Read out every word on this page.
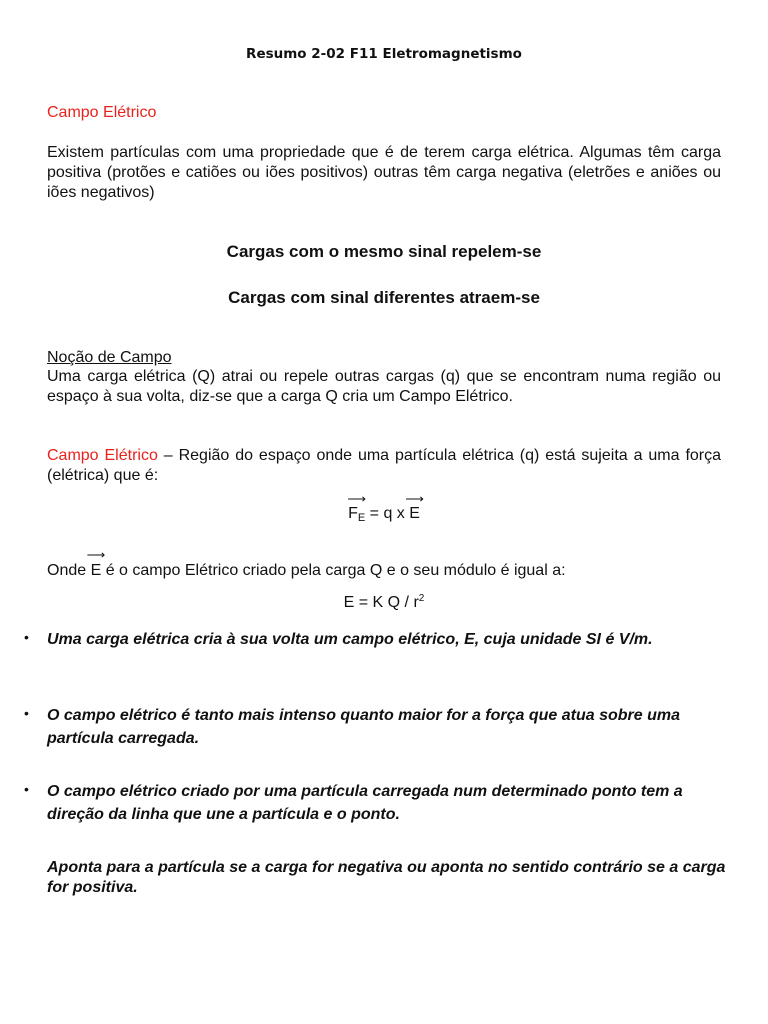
Resumo 2-02 F11 Eletromagnetismo
Campo Elétrico
Existem partículas com uma propriedade que é de terem carga elétrica. Algumas têm carga positiva (protões e catiões ou iões positivos) outras têm carga negativa (eletrões e aniões ou iões negativos)
Cargas com o mesmo sinal repelem-se
Cargas com sinal diferentes atraem-se
Noção de Campo
Uma carga elétrica (Q) atrai ou repele outras cargas (q) que se encontram numa região ou espaço à sua volta, diz-se que a carga Q cria um Campo Elétrico.
Campo Elétrico – Região do espaço onde uma partícula elétrica (q) está sujeita a uma força (elétrica) que é:
⟶
FE = q x
⟶
E
Onde
⟶
E é o campo Elétrico criado pela carga Q e o seu módulo é igual a:
E = K Q / $r^2$
• Uma carga elétrica cria à sua volta um campo elétrico, E, cuja unidade SI é V/m.
• O campo elétrico é tanto mais intenso quanto maior for a força que atua sobre uma partícula carregada.
• O campo elétrico criado por uma partícula carregada num determinado ponto tem a direção da linha que une a partícula e o ponto.
Aponta para a partícula se a carga for negativa ou aponta no sentido contrário se a carga for positiva.
